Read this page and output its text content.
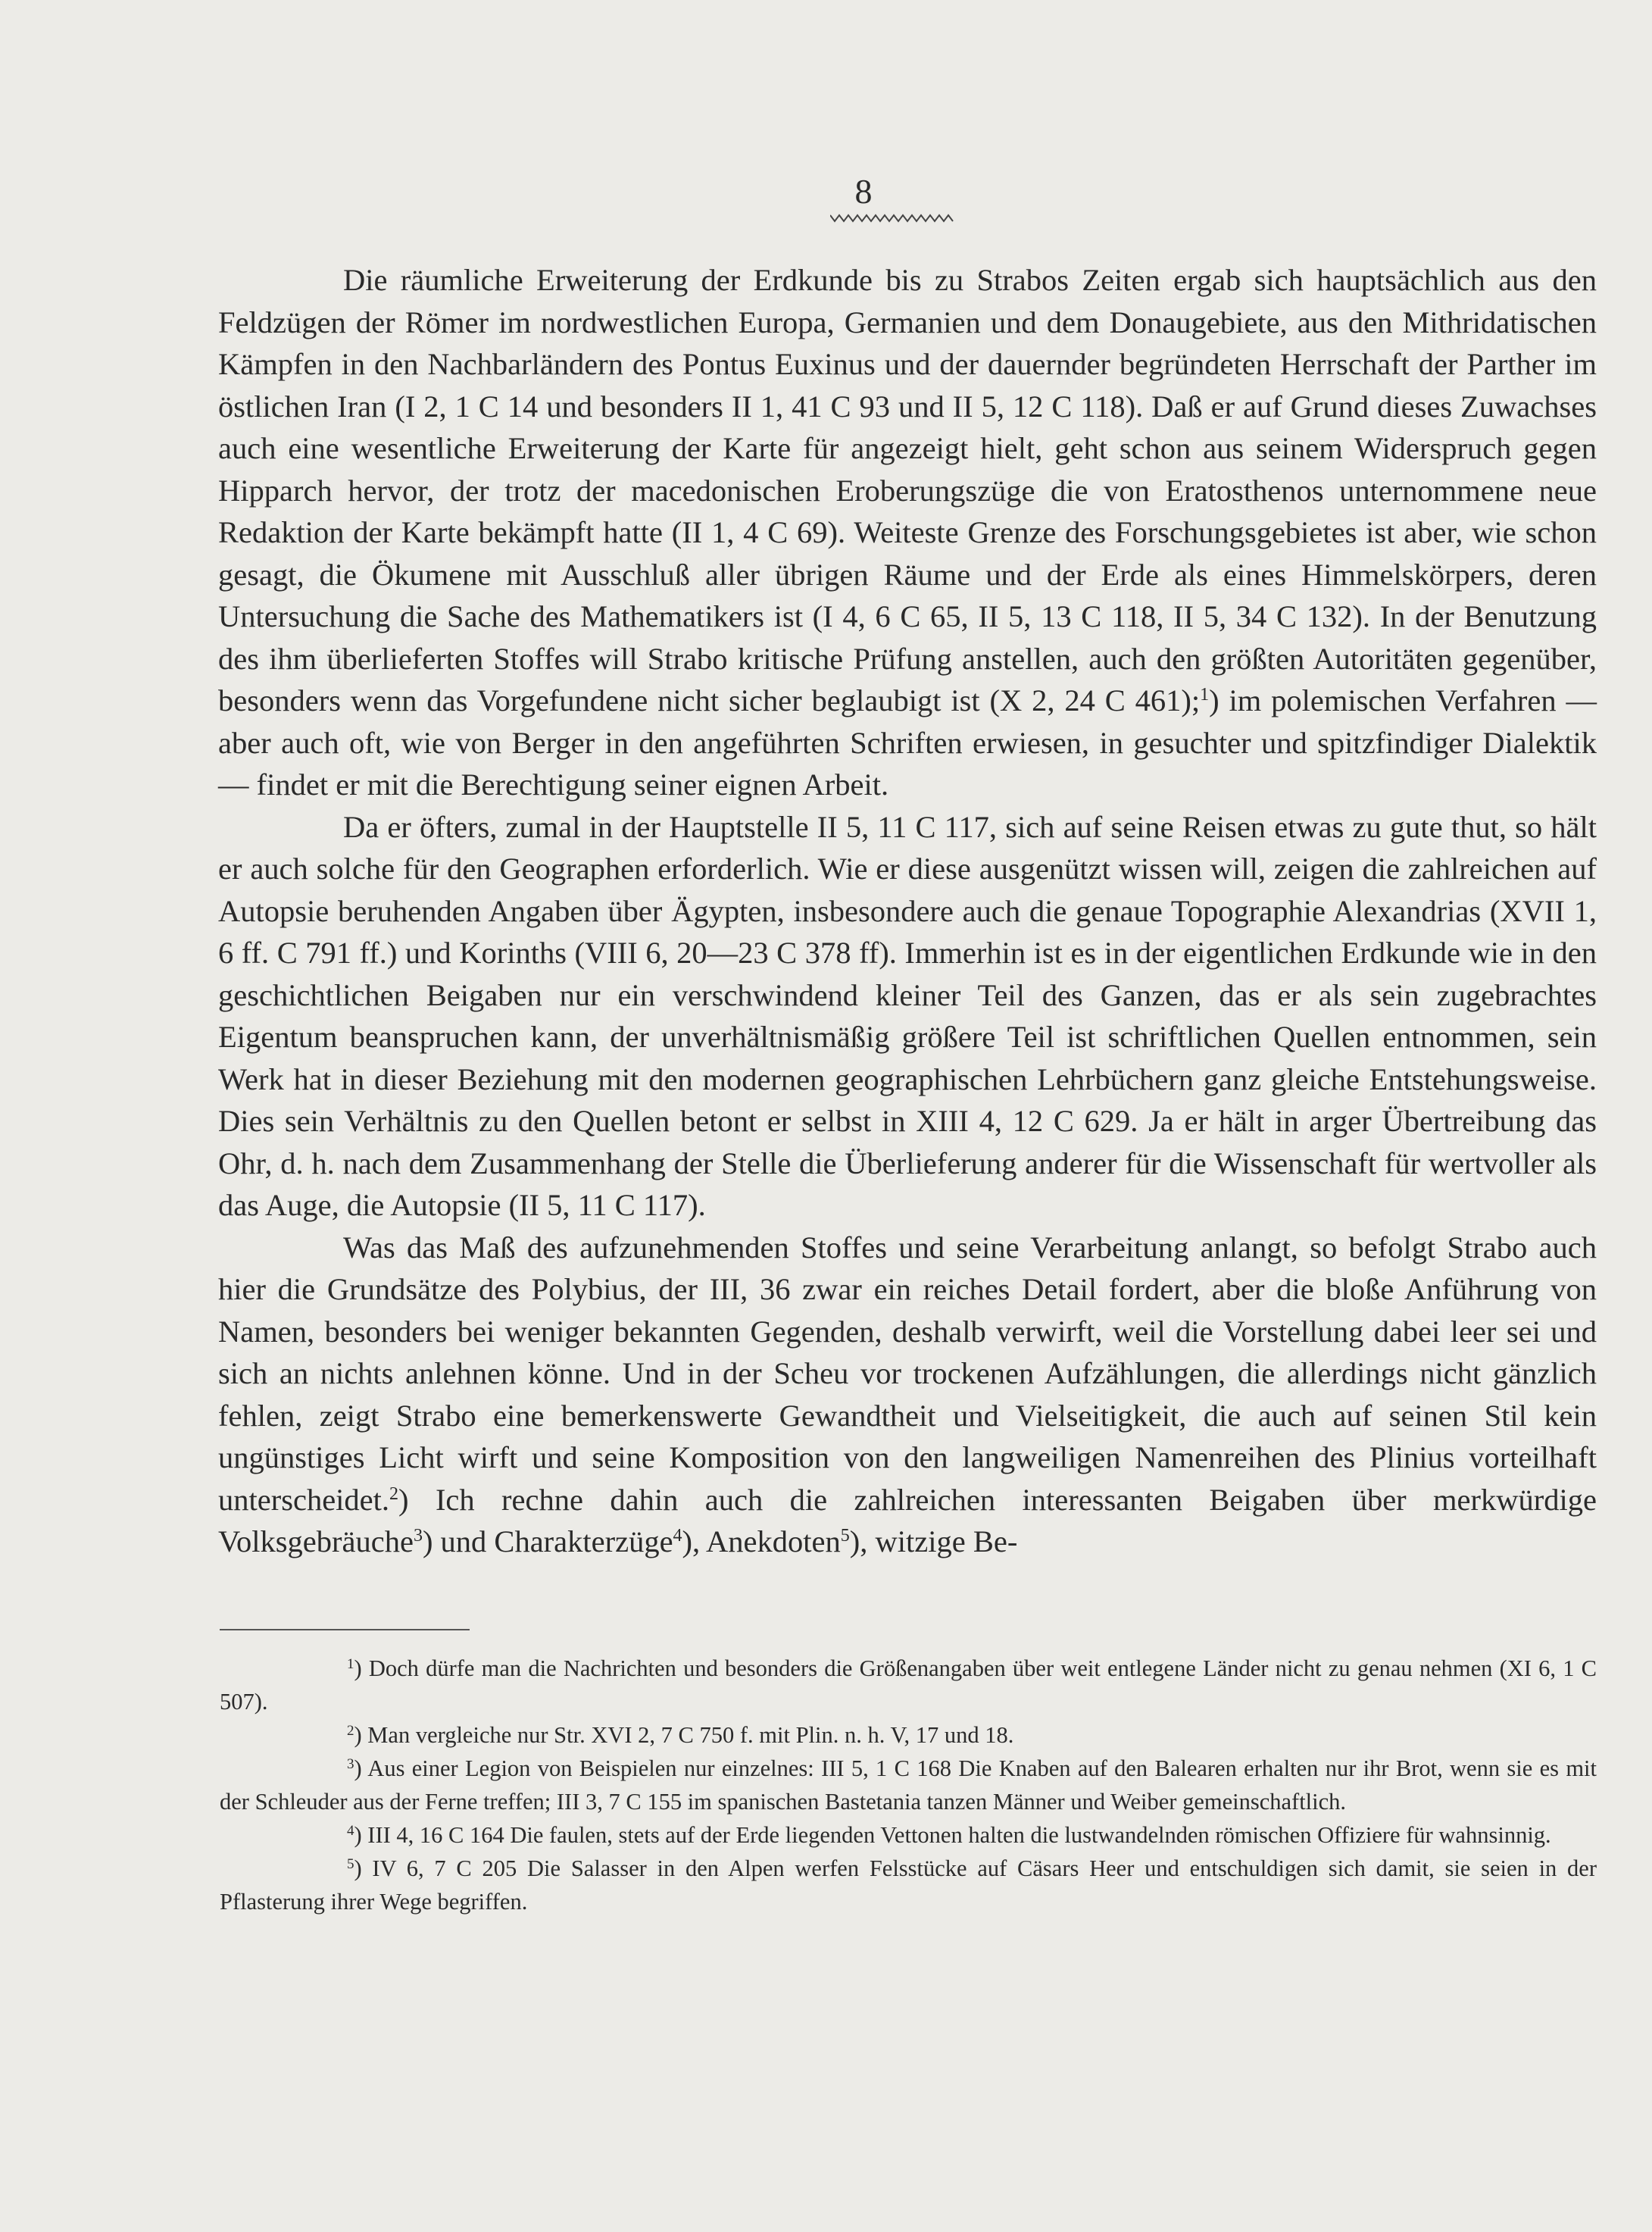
8

Die räumliche Erweiterung der Erdkunde bis zu Strabos Zeiten ergab sich hauptsächlich aus den Feldzügen der Römer im nordwestlichen Europa, Germanien und dem Donaugebiete, aus den Mithridatischen Kämpfen in den Nachbarländern des Pontus Euxinus und der dauernder begründeten Herrschaft der Parther im östlichen Iran (I 2, 1 C 14 und besonders II 1, 41 C 93 und II 5, 12 C 118). Daß er auf Grund dieses Zuwachses auch eine wesentliche Erweiterung der Karte für angezeigt hielt, geht schon aus seinem Widerspruch gegen Hipparch hervor, der trotz der macedonischen Eroberungszüge die von Eratosthenos unternommene neue Redaktion der Karte bekämpft hatte (II 1, 4 C 69). Weiteste Grenze des Forschungsgebietes ist aber, wie schon gesagt, die Ökumene mit Ausschluß aller übrigen Räume und der Erde als eines Himmelskörpers, deren Untersuchung die Sache des Mathematikers ist (I 4, 6 C 65, II 5, 13 C 118, II 5, 34 C 132). In der Benutzung des ihm überlieferten Stoffes will Strabo kritische Prüfung anstellen, auch den größten Autoritäten gegenüber, besonders wenn das Vorgefundene nicht sicher beglaubigt ist (X 2, 24 C 461);$^1$) im polemischen Verfahren — aber auch oft, wie von Berger in den angeführten Schriften erwiesen, in gesuchter und spitzfindiger Dialektik — findet er mit die Berechtigung seiner eignen Arbeit.

Da er öfters, zumal in der Hauptstelle II 5, 11 C 117, sich auf seine Reisen etwas zu gute thut, so hält er auch solche für den Geographen erforderlich. Wie er diese ausgenützt wissen will, zeigen die zahlreichen auf Autopsie beruhenden Angaben über Ägypten, insbesondere auch die genaue Topographie Alexandrias (XVII 1, 6 ff. C 791 ff.) und Korinths (VIII 6, 20—23 C 378 ff). Immerhin ist es in der eigentlichen Erdkunde wie in den geschichtlichen Beigaben nur ein verschwindend kleiner Teil des Ganzen, das er als sein zugebrachtes Eigentum beanspruchen kann, der unverhältnismäßig größere Teil ist schriftlichen Quellen entnommen, sein Werk hat in dieser Beziehung mit den modernen geographischen Lehrbüchern ganz gleiche Entstehungsweise. Dies sein Verhältnis zu den Quellen betont er selbst in XIII 4, 12 C 629. Ja er hält in arger Übertreibung das Ohr, d. h. nach dem Zusammenhang der Stelle die Überlieferung anderer für die Wissenschaft für wertvoller als das Auge, die Autopsie (II 5, 11 C 117).

Was das Maß des aufzunehmenden Stoffes und seine Verarbeitung anlangt, so befolgt Strabo auch hier die Grundsätze des Polybius, der III, 36 zwar ein reiches Detail fordert, aber die bloße Anführung von Namen, besonders bei weniger bekannten Gegenden, deshalb verwirft, weil die Vorstellung dabei leer sei und sich an nichts anlehnen könne. Und in der Scheu vor trockenen Aufzählungen, die allerdings nicht gänzlich fehlen, zeigt Strabo eine bemerkenswerte Gewandtheit und Vielseitigkeit, die auch auf seinen Stil kein ungünstiges Licht wirft und seine Komposition von den langweiligen Namenreihen des Plinius vorteilhaft unterscheidet.$^2$) Ich rechne dahin auch die zahlreichen interessanten Beigaben über merkwürdige Volksgebräuche$^3$) und Charakterzüge$^4$), Anekdoten$^5$), witzige Be-

$^1$) Doch dürfe man die Nachrichten und besonders die Größenangaben über weit entlegene Länder nicht zu genau nehmen (XI 6, 1 C 507).

$^2$) Man vergleiche nur Str. XVI 2, 7 C 750 f. mit Plin. n. h. V, 17 und 18.

$^3$) Aus einer Legion von Beispielen nur einzelnes: III 5, 1 C 168 Die Knaben auf den Balearen erhalten nur ihr Brot, wenn sie es mit der Schleuder aus der Ferne treffen; III 3, 7 C 155 im spanischen Bastetania tanzen Männer und Weiber gemeinschaftlich.

$^4$) III 4, 16 C 164 Die faulen, stets auf der Erde liegenden Vettonen halten die lustwandelnden römischen Offiziere für wahnsinnig.

$^5$) IV 6, 7 C 205 Die Salasser in den Alpen werfen Felsstücke auf Cäsars Heer und entschuldigen sich damit, sie seien in der Pflasterung ihrer Wege begriffen.
